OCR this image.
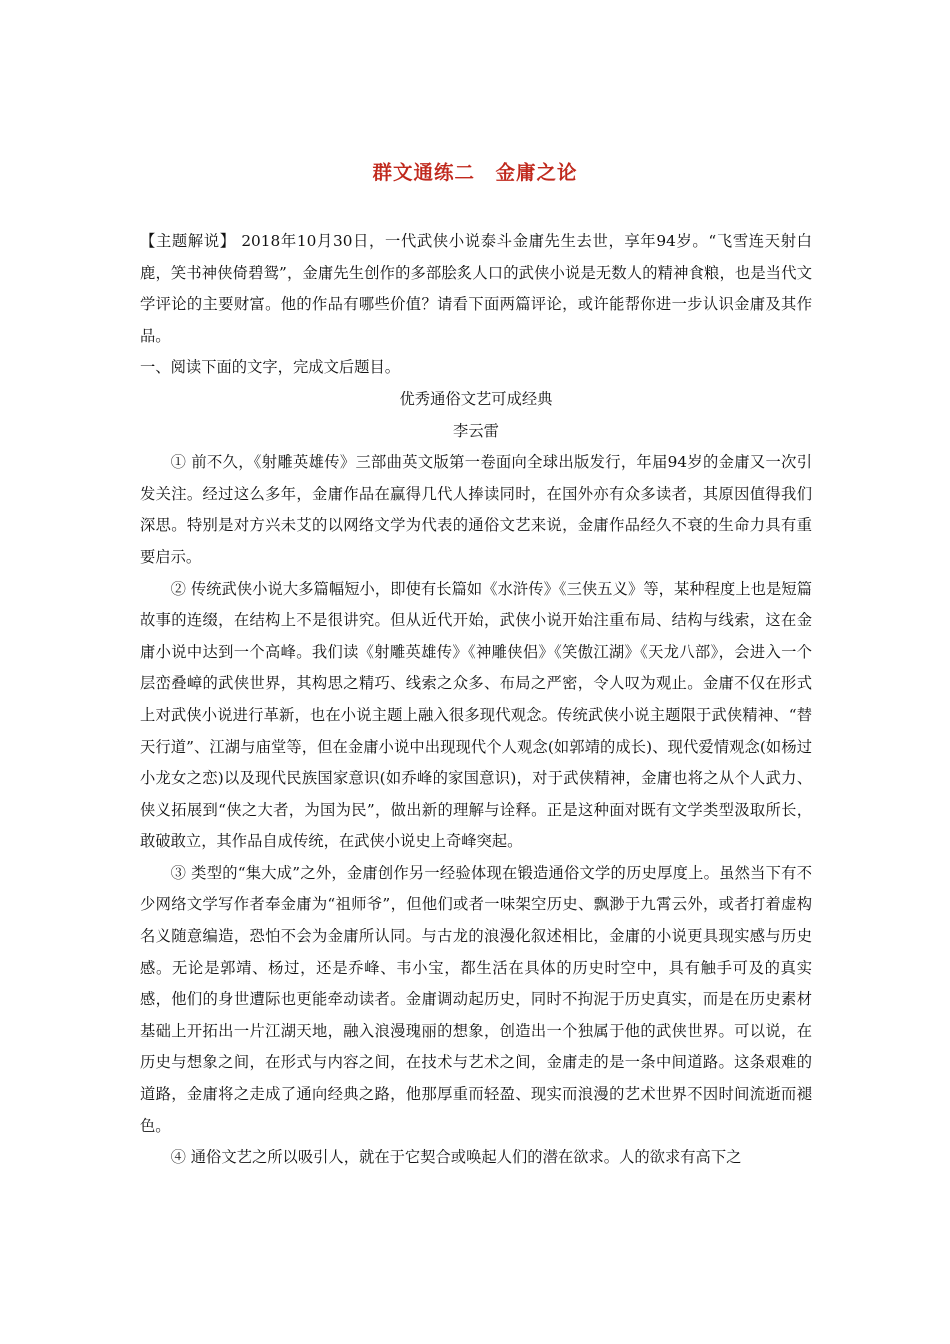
群文通练二　金庸之论

【主题解说】 2018年10月30日，一代武侠小说泰斗金庸先生去世，享年94岁。“飞雪连天射白鹿，笑书神侠倚碧鸳”，金庸先生创作的多部脍炙人口的武侠小说是无数人的精神食粮，也是当代文学评论的主要财富。他的作品有哪些价值？请看下面两篇评论，或许能帮你进一步认识金庸及其作品。

一、阅读下面的文字，完成文后题目。

优秀通俗文艺可成经典

李云雷

① 前不久，《射雕英雄传》三部曲英文版第一卷面向全球出版发行，年届94岁的金庸又一次引发关注。经过这么多年，金庸作品在赢得几代人捧读同时，在国外亦有众多读者，其原因值得我们深思。特别是对方兴未艾的以网络文学为代表的通俗文艺来说，金庸作品经久不衰的生命力具有重要启示。

② 传统武侠小说大多篇幅短小，即使有长篇如《水浒传》《三侠五义》等，某种程度上也是短篇故事的连缀，在结构上不是很讲究。但从近代开始，武侠小说开始注重布局、结构与线索，这在金庸小说中达到一个高峰。我们读《射雕英雄传》《神雕侠侣》《笑傲江湖》《天龙八部》，会进入一个层峦叠嶂的武侠世界，其构思之精巧、线索之众多、布局之严密，令人叹为观止。金庸不仅在形式上对武侠小说进行革新，也在小说主题上融入很多现代观念。传统武侠小说主题限于武侠精神、“替天行道”、江湖与庙堂等，但在金庸小说中出现现代个人观念(如郭靖的成长)、现代爱情观念(如杨过小龙女之恋)以及现代民族国家意识(如乔峰的家国意识)，对于武侠精神，金庸也将之从个人武力、侠义拓展到“侠之大者，为国为民”，做出新的理解与诠释。正是这种面对既有文学类型汲取所长，敢破敢立，其作品自成传统，在武侠小说史上奇峰突起。

③ 类型的“集大成”之外，金庸创作另一经验体现在锻造通俗文学的历史厚度上。虽然当下有不少网络文学写作者奉金庸为“祖师爷”，但他们或者一味架空历史、飘渺于九霄云外，或者打着虚构名义随意编造，恐怕不会为金庸所认同。与古龙的浪漫化叙述相比，金庸的小说更具现实感与历史感。无论是郭靖、杨过，还是乔峰、韦小宝，都生活在具体的历史时空中，具有触手可及的真实感，他们的身世遭际也更能牵动读者。金庸调动起历史，同时不拘泥于历史真实，而是在历史素材基础上开拓出一片江湖天地，融入浪漫瑰丽的想象，创造出一个独属于他的武侠世界。可以说，在历史与想象之间，在形式与内容之间，在技术与艺术之间，金庸走的是一条中间道路。这条艰难的道路，金庸将之走成了通向经典之路，他那厚重而轻盈、现实而浪漫的艺术世界不因时间流逝而褪色。

④ 通俗文艺之所以吸引人，就在于它契合或唤起人们的潜在欲求。人的欲求有高下之
